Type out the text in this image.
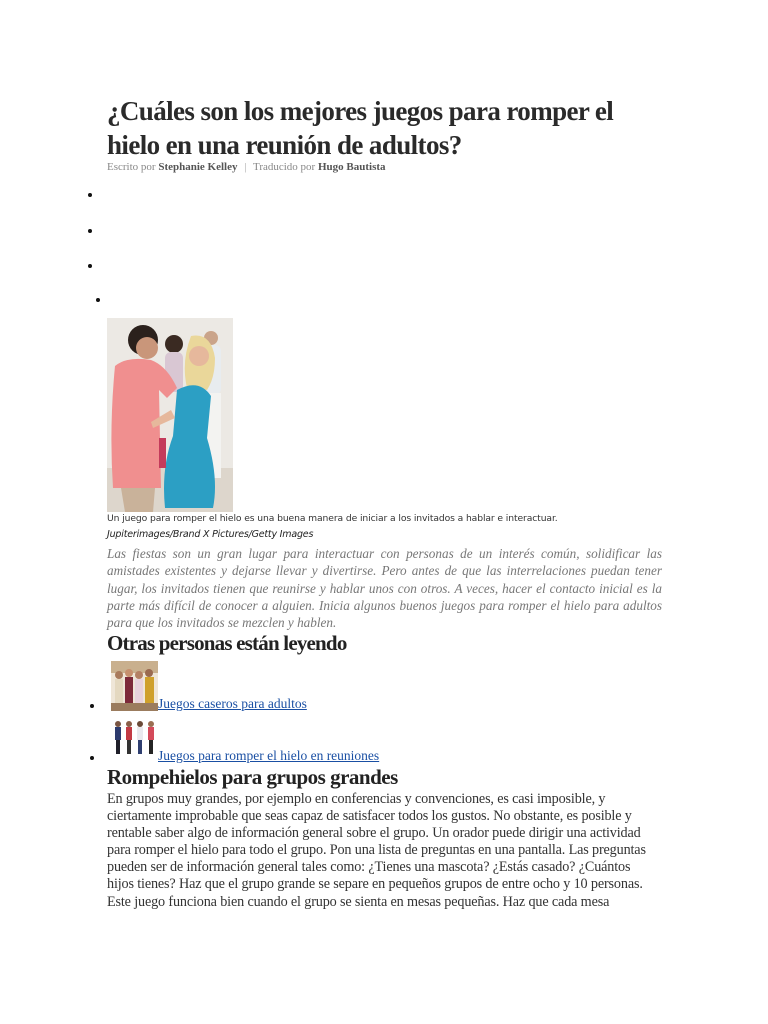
¿Cuáles son los mejores juegos para romper el hielo en una reunión de adultos?
Escrito por Stephanie Kelley | Traducido por Hugo Bautista
Un juego para romper el hielo es una buena manera de iniciar a los invitados a hablar e interactuar.
Jupiterimages/Brand X Pictures/Getty Images

Las fiestas son un gran lugar para interactuar con personas de un interés común, solidificar las amistades existentes y dejarse llevar y divertirse. Pero antes de que las interrelaciones puedan tener lugar, los invitados tienen que reunirse y hablar unos con otros. A veces, hacer el contacto inicial es la parte más difícil de conocer a alguien. Inicia algunos buenos juegos para romper el hielo para adultos para que los invitados se mezclen y hablen.

Otras personas están leyendo
Juegos caseros para adultos
Juegos para romper el hielo en reuniones
Rompehielos para grupos grandes

En grupos muy grandes, por ejemplo en conferencias y convenciones, es casi imposible, y ciertamente improbable que seas capaz de satisfacer todos los gustos. No obstante, es posible y rentable saber algo de información general sobre el grupo. Un orador puede dirigir una actividad para romper el hielo para todo el grupo. Pon una lista de preguntas en una pantalla. Las preguntas pueden ser de información general tales como: ¿Tienes una mascota? ¿Estás casado? ¿Cuántos hijos tienes? Haz que el grupo grande se separe en pequeños grupos de entre ocho y 10 personas. Este juego funciona bien cuando el grupo se sienta en mesas pequeñas. Haz que cada mesa
